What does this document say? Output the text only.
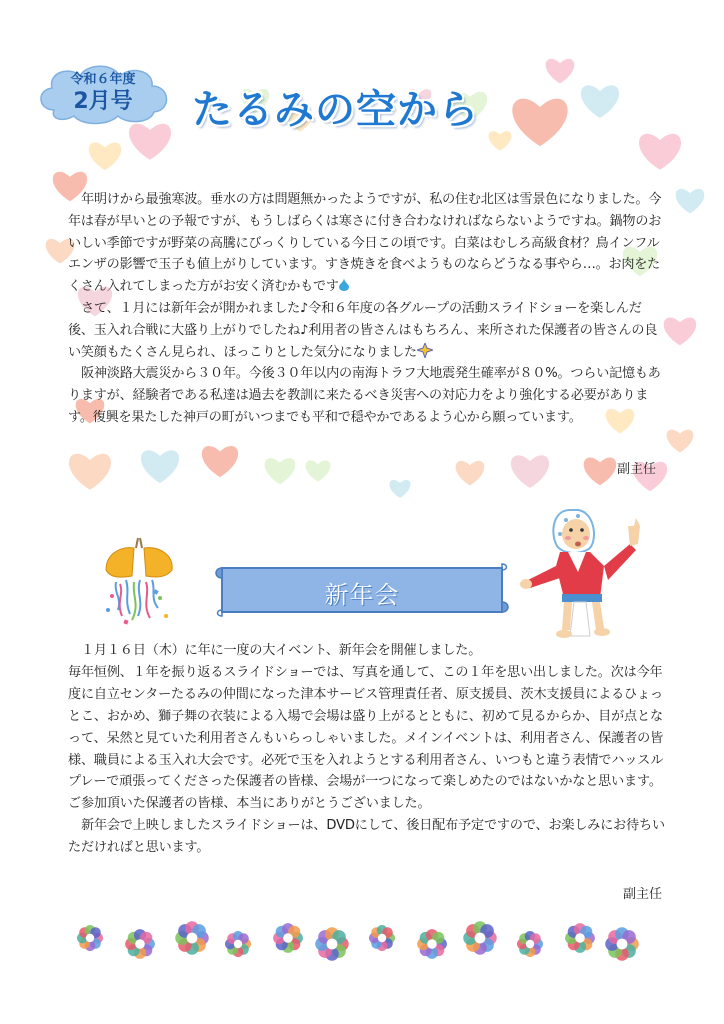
令和６年度
2月号	たるみの空から

年明けから最強寒波。垂水の方は問題無かったようですが、私の住む北区は雪景色になりました。今年は春が早いとの予報ですが、もうしばらくは寒さに付き合わなければならないようですね。鍋物のおいしい季節ですが野菜の高騰にびっくりしている今日この頃です。白菜はむしろ高級食材？鳥インフルエンザの影響で玉子も値上がりしています。すき焼きを食べようものならどうなる事やら…。お肉をたくさん入れてしまった方がお安く済むかもです

さて、１月には新年会が開かれました♪令和６年度の各グループの活動スライドショーを楽しんだ後、玉入れ合戦に大盛り上がりでしたね♪利用者の皆さんはもちろん、来所された保護者の皆さんの良い笑顔もたくさん見られ、ほっこりとした気分になりました

阪神淡路大震災から３０年。今後３０年以内の南海トラフ大地震発生確率が８０%。つらい記憶もありますが、経験者である私達は過去を教訓に来たるべき災害への対応力をより強化する必要があります。復興を果たした神戸の町がいつまでも平和で穏やかであるよう心から願っています。

副主任
新年会

１月１６日（木）に年に一度の大イベント、新年会を開催しました。

毎年恒例、１年を振り返るスライドショーでは、写真を通して、この１年を思い出しました。次は今年度に自立センターたるみの仲間になった津本サービス管理責任者、原支援員、茨木支援員によるひょっとこ、おかめ、獅子舞の衣装による入場で会場は盛り上がるとともに、初めて見るからか、目が点となって、呆然と見ていた利用者さんもいらっしゃいました。メインイベントは、利用者さん、保護者の皆様、職員による玉入れ大会です。必死で玉を入れようとする利用者さん、いつもと違う表情でハッスルプレーで頑張ってくださった保護者の皆様、会場が一つになって楽しめたのではないかなと思います。ご参加頂いた保護者の皆様、本当にありがとうございました。

新年会で上映しましたスライドショーは、DVDにして、後日配布予定ですので、お楽しみにお待ちいただければと思います。

副主任
